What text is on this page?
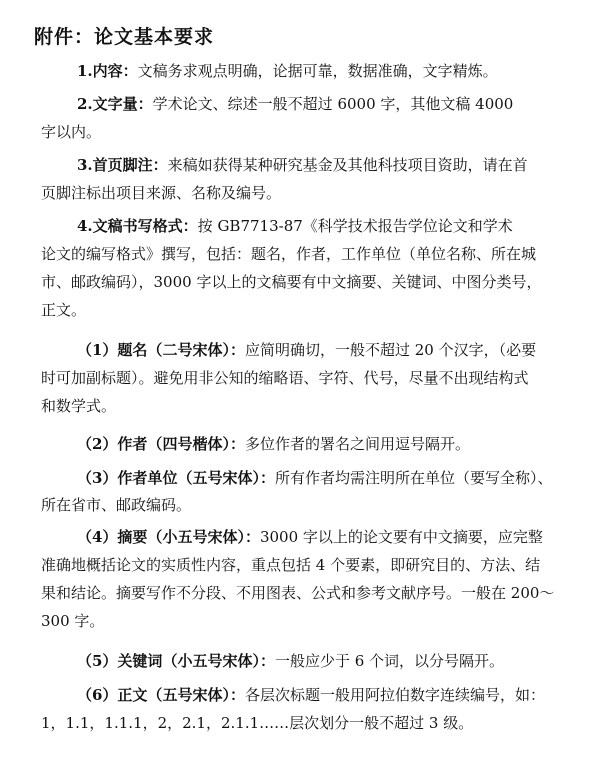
附件：论文基本要求
1.内容：文稿务求观点明确，论据可靠，数据准确，文字精炼。
2.文字量：学术论文、综述一般不超过 6000 字，其他文稿 4000
字以内。
3.首页脚注：来稿如获得某种研究基金及其他科技项目资助，请在首
页脚注标出项目来源、名称及编号。
4.文稿书写格式：按 GB7713-87《科学技术报告学位论文和学术
论文的编写格式》撰写，包括：题名，作者，工作单位（单位名称、所在城
市、邮政编码），3000 字以上的文稿要有中文摘要、关键词、中图分类号，
正文。
（1）题名（二号宋体）：应简明确切，一般不超过 20 个汉字，（必要
时可加副标题）。避免用非公知的缩略语、字符、代号，尽量不出现结构式
和数学式。
（2）作者（四号楷体）：多位作者的署名之间用逗号隔开。
（3）作者单位（五号宋体）：所有作者均需注明所在单位（要写全称）、
所在省市、邮政编码。
（4）摘要（小五号宋体）：3000 字以上的论文要有中文摘要，应完整
准确地概括论文的实质性内容，重点包括 4 个要素，即研究目的、方法、结
果和结论。摘要写作不分段、不用图表、公式和参考文献序号。一般在 200～
300 字。
（5）关键词（小五号宋体）：一般应少于 6 个词，以分号隔开。
（6）正文（五号宋体）：各层次标题一般用阿拉伯数字连续编号，如：
1，1.1，1.1.1，2，2.1，2.1.1……层次划分一般不超过 3 级。
